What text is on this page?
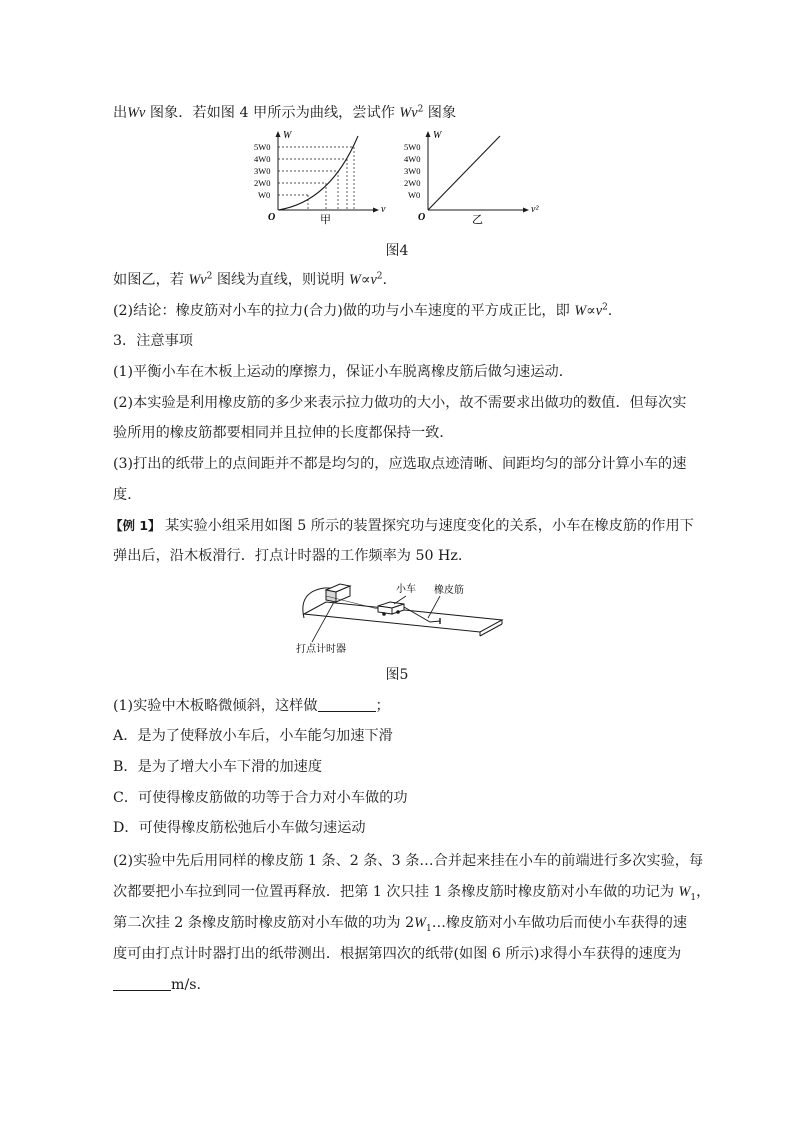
出Wv 图象．若如图 4 甲所示为曲线，尝试作 Wv$^2$ 图象
W
v
O	甲
5W0
4W0
3W0
2W0
W0
W
v²
O	乙
5W0
4W0
3W0
2W0
W0
图4
如图乙，若 Wv$^2$ 图线为直线，则说明 $W\propto v^2$.
(2)结论：橡皮筋对小车的拉力(合力)做的功与小车速度的平方成正比，即 $W\propto v^2$.
3．注意事项
(1)平衡小车在木板上运动的摩擦力，保证小车脱离橡皮筋后做匀速运动．
(2)本实验是利用橡皮筋的多少来表示拉力做功的大小，故不需要求出做功的数值．但每次实
验所用的橡皮筋都要相同并且拉伸的长度都保持一致．
(3)打出的纸带上的点间距并不都是均匀的，应选取点迹清晰、间距均匀的部分计算小车的速
度．
【例 1】 某实验小组采用如图 5 所示的装置探究功与速度变化的关系，小车在橡皮筋的作用下
弹出后，沿木板滑行．打点计时器的工作频率为 50 Hz.
小车 橡皮筋
打点计时器
图5
(1)实验中木板略微倾斜，这样做	；
A．是为了使释放小车后，小车能匀加速下滑
B．是为了增大小车下滑的加速度
C．可使得橡皮筋做的功等于合力对小车做的功
D．可使得橡皮筋松弛后小车做匀速运动
(2)实验中先后用同样的橡皮筋 1 条、2 条、3 条…合并起来挂在小车的前端进行多次实验，每
次都要把小车拉到同一位置再释放．把第 1 次只挂 1 条橡皮筋时橡皮筋对小车做的功记为 $W_1$，
第二次挂 2 条橡皮筋时橡皮筋对小车做的功为 $2W_1\dots$橡皮筋对小车做功后而使小车获得的速
度可由打点计时器打出的纸带测出．根据第四次的纸带(如图 6 所示)求得小车获得的速度为
m/s.
